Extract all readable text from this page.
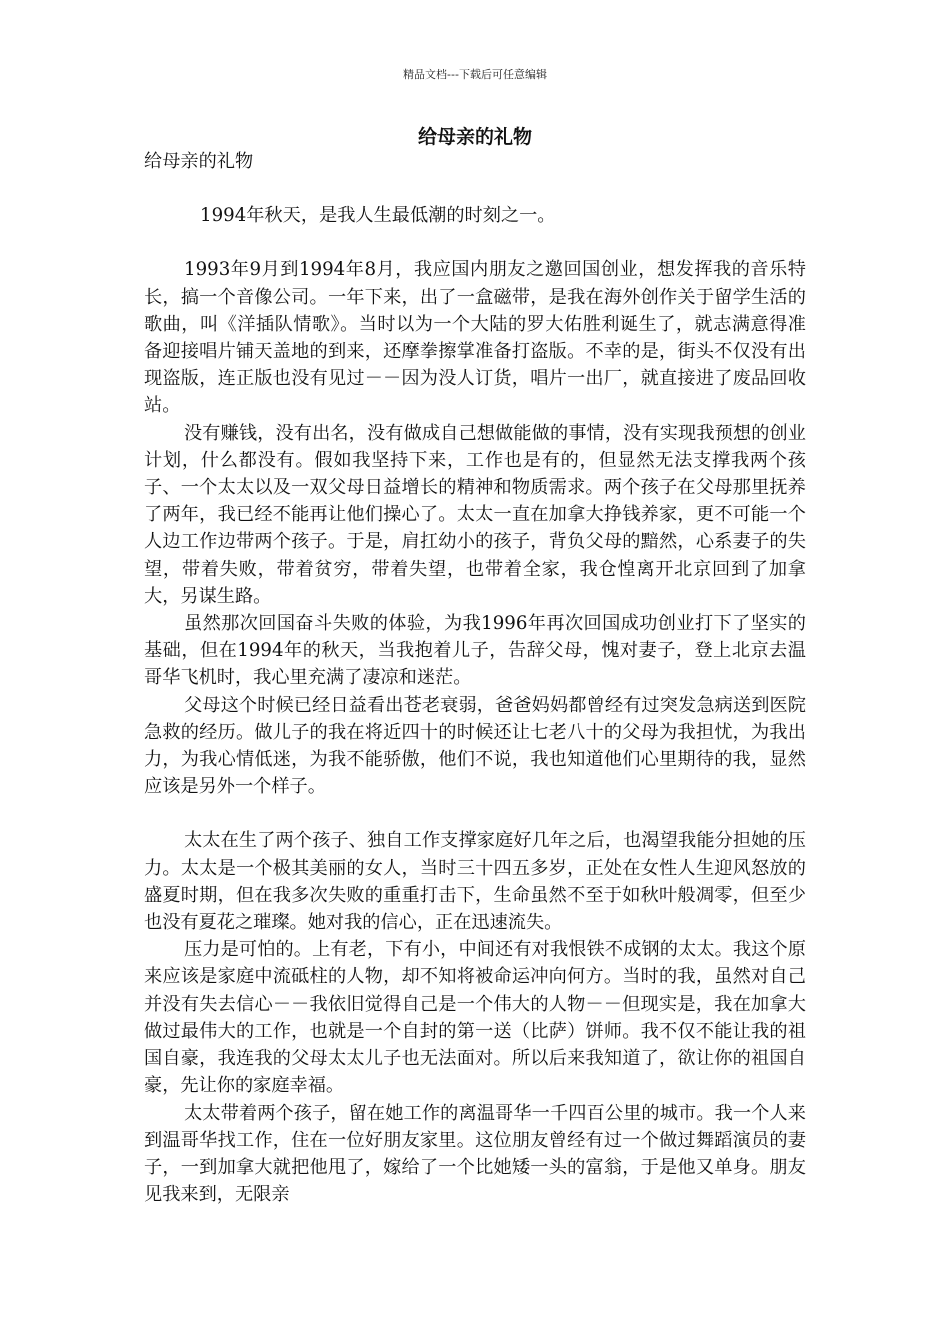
精品文档---下载后可任意编辑
给母亲的礼物

给母亲的礼物

1994年秋天，是我人生最低潮的时刻之一。

1993年9月到1994年8月，我应国内朋友之邀回国创业，想发挥我的音乐特长，搞一个音像公司。一年下来，出了一盒磁带，是我在海外创作关于留学生活的歌曲，叫《洋插队情歌》。当时以为一个大陆的罗大佑胜利诞生了，就志满意得准备迎接唱片铺天盖地的到来，还摩拳擦掌准备打盗版。不幸的是，街头不仅没有出现盗版，连正版也没有见过－－因为没人订货，唱片一出厂，就直接进了废品回收站。

没有赚钱，没有出名，没有做成自己想做能做的事情，没有实现我预想的创业计划，什么都没有。假如我坚持下来，工作也是有的，但显然无法支撑我两个孩子、一个太太以及一双父母日益增长的精神和物质需求。两个孩子在父母那里抚养了两年，我已经不能再让他们操心了。太太一直在加拿大挣钱养家，更不可能一个人边工作边带两个孩子。于是，肩扛幼小的孩子，背负父母的黯然，心系妻子的失望，带着失败，带着贫穷，带着失望，也带着全家，我仓惶离开北京回到了加拿大，另谋生路。

虽然那次回国奋斗失败的体验，为我1996年再次回国成功创业打下了坚实的基础，但在1994年的秋天，当我抱着儿子，告辞父母，愧对妻子，登上北京去温哥华飞机时，我心里充满了凄凉和迷茫。

父母这个时候已经日益看出苍老衰弱，爸爸妈妈都曾经有过突发急病送到医院急救的经历。做儿子的我在将近四十的时候还让七老八十的父母为我担忧，为我出力，为我心情低迷，为我不能骄傲，他们不说，我也知道他们心里期待的我，显然应该是另外一个样子。

太太在生了两个孩子、独自工作支撑家庭好几年之后，也渴望我能分担她的压力。太太是一个极其美丽的女人，当时三十四五多岁，正处在女性人生迎风怒放的盛夏时期，但在我多次失败的重重打击下，生命虽然不至于如秋叶般凋零，但至少也没有夏花之璀璨。她对我的信心，正在迅速流失。

压力是可怕的。上有老，下有小，中间还有对我恨铁不成钢的太太。我这个原来应该是家庭中流砥柱的人物，却不知将被命运冲向何方。当时的我，虽然对自己并没有失去信心－－我依旧觉得自己是一个伟大的人物－－但现实是，我在加拿大做过最伟大的工作，也就是一个自封的第一送（比萨）饼师。我不仅不能让我的祖国自豪，我连我的父母太太儿子也无法面对。所以后来我知道了，欲让你的祖国自豪，先让你的家庭幸福。

太太带着两个孩子，留在她工作的离温哥华一千四百公里的城市。我一个人来到温哥华找工作，住在一位好朋友家里。这位朋友曾经有过一个做过舞蹈演员的妻子，一到加拿大就把他甩了，嫁给了一个比她矮一头的富翁，于是他又单身。朋友见我来到，无限亲
